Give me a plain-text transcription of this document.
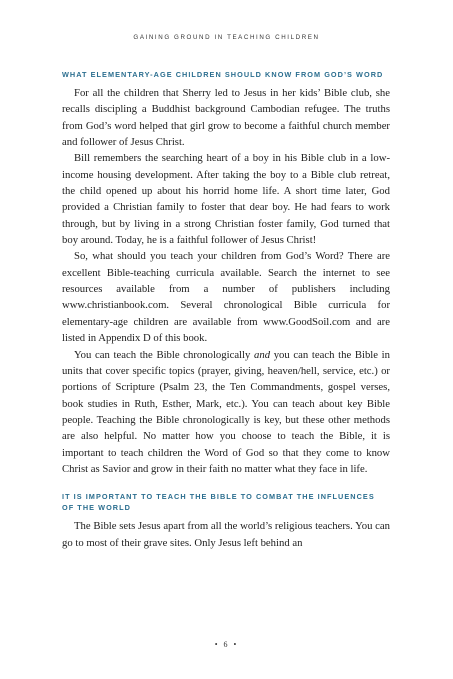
GAINING GROUND IN TEACHING CHILDREN
WHAT ELEMENTARY-AGE CHILDREN SHOULD KNOW FROM GOD’S WORD

For all the children that Sherry led to Jesus in her kids’ Bible club, she recalls discipling a Buddhist background Cambodian refugee. The truths from God’s word helped that girl grow to become a faithful church member and follower of Jesus Christ.

Bill remembers the searching heart of a boy in his Bible club in a low-income housing development. After taking the boy to a Bible club retreat, the child opened up about his horrid home life. A short time later, God provided a Christian family to foster that dear boy. He had fears to work through, but by living in a strong Christian foster family, God turned that boy around. Today, he is a faithful follower of Jesus Christ!

So, what should you teach your children from God’s Word? There are excellent Bible-teaching curricula available. Search the internet to see resources available from a number of publishers including www.christianbook.com. Several chronological Bible curricula for elementary-age children are available from www.GoodSoil.com and are listed in Appendix D of this book.

You can teach the Bible chronologically and you can teach the Bible in units that cover specific topics (prayer, giving, heaven/hell, service, etc.) or portions of Scripture (Psalm 23, the Ten Commandments, gospel verses, book studies in Ruth, Esther, Mark, etc.). You can teach about key Bible people. Teaching the Bible chronologically is key, but these other methods are also helpful. No matter how you choose to teach the Bible, it is important to teach children the Word of God so that they come to know Christ as Savior and grow in their faith no matter what they face in life.

IT IS IMPORTANT TO TEACH THE BIBLE TO COMBAT THE INFLUENCES OF THE WORLD

The Bible sets Jesus apart from all the world’s religious teachers. You can go to most of their grave sites. Only Jesus left behind an

• 6 •
